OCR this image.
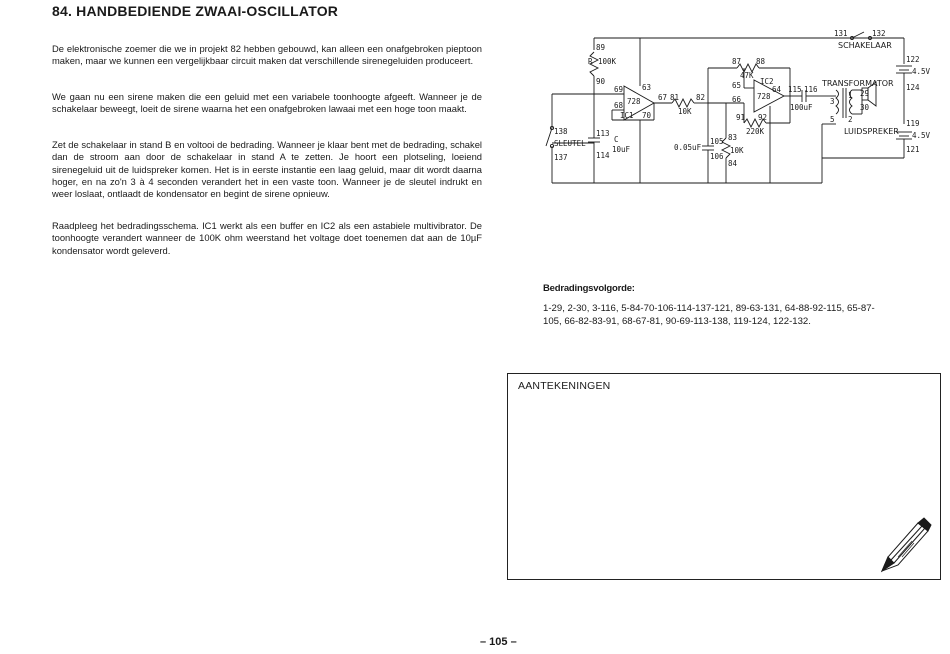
84. HANDBEDIENDE ZWAAI-OSCILLATOR

De elektronische zoemer die we in projekt 82 hebben gebouwd, kan alleen een onafgebroken pieptoon maken, maar we kunnen een vergelijkbaar circuit maken dat verschillende sirenegeluiden produceert.

We gaan nu een sirene maken die een geluid met een variabele toonhoogte afgeeft. Wanneer je de schakelaar beweegt, loeit de sirene waarna het een onafgebroken lawaai met een hoge toon maakt.

Zet de schakelaar in stand B en voltooi de bedrading. Wanneer je klaar bent met de bedrading, schakel dan de stroom aan door de schakelaar in stand A te zetten. Je hoort een plotseling, loeiend sirenegeluid uit de luidspreker komen. Het is in eerste instantie een laag geluid, maar dit wordt daarna hoger, en na zo'n 3 à 4 seconden verandert het in een vaste toon. Wanneer je de sleutel indrukt en weer loslaat, ontlaadt de kondensator en begint de sirene opnieuw.

Raadpleeg het bedradingsschema. IC1 werkt als een buffer en IC2 als een astabiele multivibrator. De toonhoogte verandert wanneer de 100K ohm weerstand het voltage doet toenemen dat aan de 10µF kondensator wordt geleverd.

R 100K
89
90
69	63
68 728
70
IC1
67 81 82
10K
87 88
47K
IC2
728
65
66
64 115 116
91 92
220K
100uF
105
106
0.05uF
83
84
10K
113
114
C
10uF
138
137
SLEUTEL
131	132
SCHAKELAAR
122
4.5V
124
TRANSFORMATOR
3
1 29
30
5 2	119
LUIDSPREKER 4.5V
121
Bedradingsvolgorde:
1-29, 2-30, 3-116, 5-84-70-106-114-137-121, 89-63-131, 64-88-92-115, 65-87-105, 66-82-83-91, 68-67-81, 90-69-113-138, 119-124, 122-132.
AANTEKENINGEN
– 105 –
